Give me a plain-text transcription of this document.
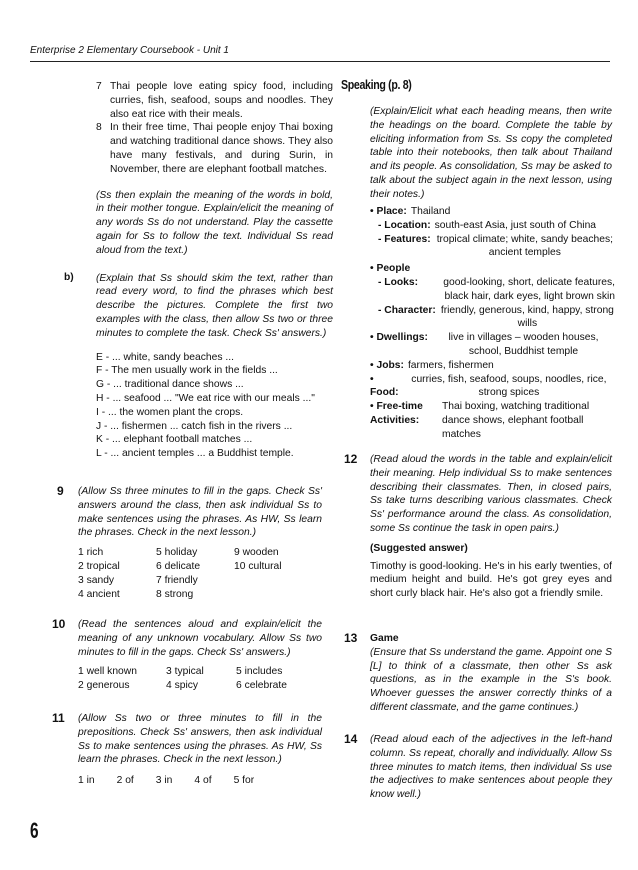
Enterprise 2 Elementary Coursebook - Unit 1
7 Thai people love eating spicy food, including curries, fish, seafood, soups and noodles. They also eat rice with their meals.
8 In their free time, Thai people enjoy Thai boxing and watching traditional dance shows. They also have many festivals, and during Surin, in November, there are elephant football matches.

(Ss then explain the meaning of the words in bold, in their mother tongue. Explain/elicit the meaning of any words Ss do not understand. Play the cassette again for Ss to follow the text. Individual Ss read aloud from the text.)

b) (Explain that Ss should skim the text, rather than read every word, to find the phrases which best describe the pictures. Complete the first two examples with the class, then allow Ss two or three minutes to complete the task. Check Ss' answers.)

E - ... white, sandy beaches ...
F - The men usually work in the fields ...
G - ... traditional dance shows ...
H - ... seafood ... "We eat rice with our meals ..."
I - ... the women plant the crops.
J - ... fishermen ... catch fish in the rivers ...
K - ... elephant football matches ...
L - ... ancient temples ... a Buddhist temple.
9 (Allow Ss three minutes to fill in the gaps. Check Ss' answers around the class, then ask individual Ss to make sentences using the phrases. As HW, Ss learn the phrases. Check in the next lesson.)

1 rich	5 holiday	9 wooden
2 tropical	6 delicate	10 cultural
3 sandy	7 friendly
4 ancient	8 strong
10 (Read the sentences aloud and explain/elicit the meaning of any unknown vocabulary. Allow Ss two minutes to fill in the gaps. Check Ss' answers.)

1 well known	3 typical	5 includes
2 generous	4 spicy	6 celebrate
11 (Allow Ss two or three minutes to fill in the prepositions. Check Ss' answers, then ask individual Ss to make sentences using the phrases. As HW, Ss learn the phrases. Check in the next lesson.)

1 in 2 of 3 in 4 of 5 for
Speaking (p. 8)

(Explain/Elicit what each heading means, then write the headings on the board. Complete the table by eliciting information from Ss. Ss copy the completed table into their notebooks, then talk about Thailand and its people. As consolidation, Ss may be asked to talk about the subject again in the next lesson, using their notes.)

• Place: Thailand
- Location: south-east Asia, just south of China
- Features: tropical climate; white, sandy beaches; ancient temples
• People
- Looks:	good-looking, short, delicate features, black hair, dark eyes, light brown skin
- Character: friendly, generous, kind, happy, strong wills
• Dwellings:	live in villages – wooden houses, school, Buddhist temple
• Jobs: farmers, fishermen
• Food:
curries, fish, seafood, soups, noodles, rice, strong spices
• Free-time Activities:
Thai boxing, watching traditional dance shows, elephant football matches
12 (Read aloud the words in the table and explain/elicit their meaning. Help individual Ss to make sentences describing their classmates. Then, in closed pairs, Ss take turns describing various classmates. Check Ss' performance around the class. As consolidation, some Ss continue the task in open pairs.)

(Suggested answer)

Timothy is good-looking. He's in his early twenties, of medium height and build. He's got grey eyes and short curly black hair. He's also got a friendly smile.

13 Game

(Ensure that Ss understand the game. Appoint one S [L] to think of a classmate, then other Ss ask questions, as in the example in the S's book. Whoever guesses the answer correctly thinks of a different classmate, and the game continues.)

14 (Read aloud each of the adjectives in the left-hand column. Ss repeat, chorally and individually. Allow Ss three minutes to match items, then individual Ss use the adjectives to make sentences about people they know well.)

6
